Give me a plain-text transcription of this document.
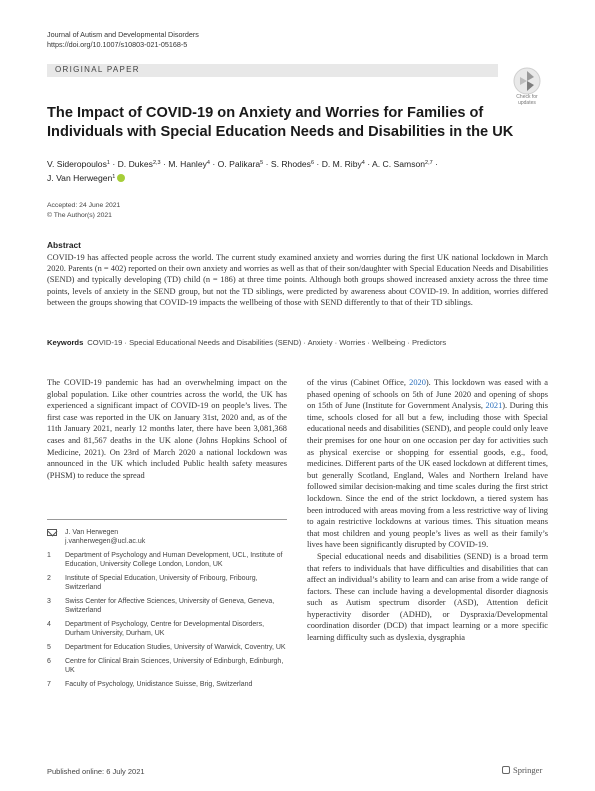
Journal of Autism and Developmental Disorders
https://doi.org/10.1007/s10803-021-05168-5
ORIGINAL PAPER
Check for updates
The Impact of COVID-19 on Anxiety and Worries for Families of Individuals with Special Education Needs and Disabilities in the UK
V. Sideropoulos$^1$ · D. Dukes$^{2,3}$ · M. Hanley$^4$ · O. Palikara$^5$ · S. Rhodes$^6$ · D. M. Riby$^4$ · A. C. Samson$^{2,7}$ ·
J. Van Herwegen$^1$
Accepted: 24 June 2021
© The Author(s) 2021
Abstract

COVID-19 has affected people across the world. The current study examined anxiety and worries during the first UK national lockdown in March 2020. Parents (n = 402) reported on their own anxiety and worries as well as that of their son/daughter with Special Education Needs and Disabilities (SEND) and typically developing (TD) child (n = 186) at three time points. Although both groups showed increased anxiety across the three time points, levels of anxiety in the SEND group, but not the TD siblings, were predicted by awareness about COVID-19. In addition, worries differed between the groups showing that COVID-19 impacts the wellbeing of those with SEND differently to that of their TD siblings.

Keywords COVID-19 · Special Educational Needs and Disabilities (SEND) · Anxiety · Worries · Wellbeing · Predictors

The COVID-19 pandemic has had an overwhelming impact on the global population. Like other countries across the world, the UK has experienced a significant impact of COVID-19 on people’s lives. The first case was reported in the UK on January 31st, 2020 and, as of the 11th January 2021, nearly 12 months later, there have been 3,081,368 cases and 81,567 deaths in the UK alone (Johns Hopkins School of Medicine, 2021). On 23rd of March 2020 a national lockdown was announced in the UK which included Public health safety measures (PHSM) to reduce the spread

J. Van Herwegen
j.vanherwegen@ucl.ac.uk
1	Department of Psychology and Human Development, UCL, Institute of Education, University College London, London, UK
2	Institute of Special Education, University of Fribourg, Fribourg, Switzerland
3	Swiss Center for Affective Sciences, University of Geneva, Geneva, Switzerland
4	Department of Psychology, Centre for Developmental Disorders, Durham University, Durham, UK
5	Department for Education Studies, University of Warwick, Coventry, UK
6	Centre for Clinical Brain Sciences, University of Edinburgh, Edinburgh, UK
7	Faculty of Psychology, Unidistance Suisse, Brig, Switzerland

of the virus (Cabinet Office, 2020). This lockdown was eased with a phased opening of schools on 5th of June 2020 and opening of shops on 15th of June (Institute for Government Analysis, 2021). During this time, schools closed for all but a few, including those with Special educational needs and disabilities (SEND), and people could only leave their premises for one hour on one occasion per day for activities such as physical exercise or shopping for essential goods, e.g., food, medicines. Different parts of the UK eased lockdown at different times, but generally Scotland, England, Wales and Northern Ireland have followed similar decision-making and time scales during the first strict lockdown. Since the end of the strict lockdown, a tiered system has been introduced with areas moving from a less restrictive way of living to again restrictive lockdowns at various times. This situation means that most children and young people’s lives as well as their family’s lives have been significantly disrupted by COVID-19.

Special educational needs and disabilities (SEND) is a broad term that refers to individuals that have difficulties and disabilities that can affect an individual’s ability to learn and can arise from a wide range of factors. These can include having a developmental disorder diagnosis such as Autism spectrum disorder (ASD), Attention deficit hyperactivity disorder (ADHD), or Dyspraxia/Developmental coordination disorder (DCD) that impact learning or a more specific learning difficulty such as dyslexia, dysgraphia

Published online: 6 July 2021	Springer
